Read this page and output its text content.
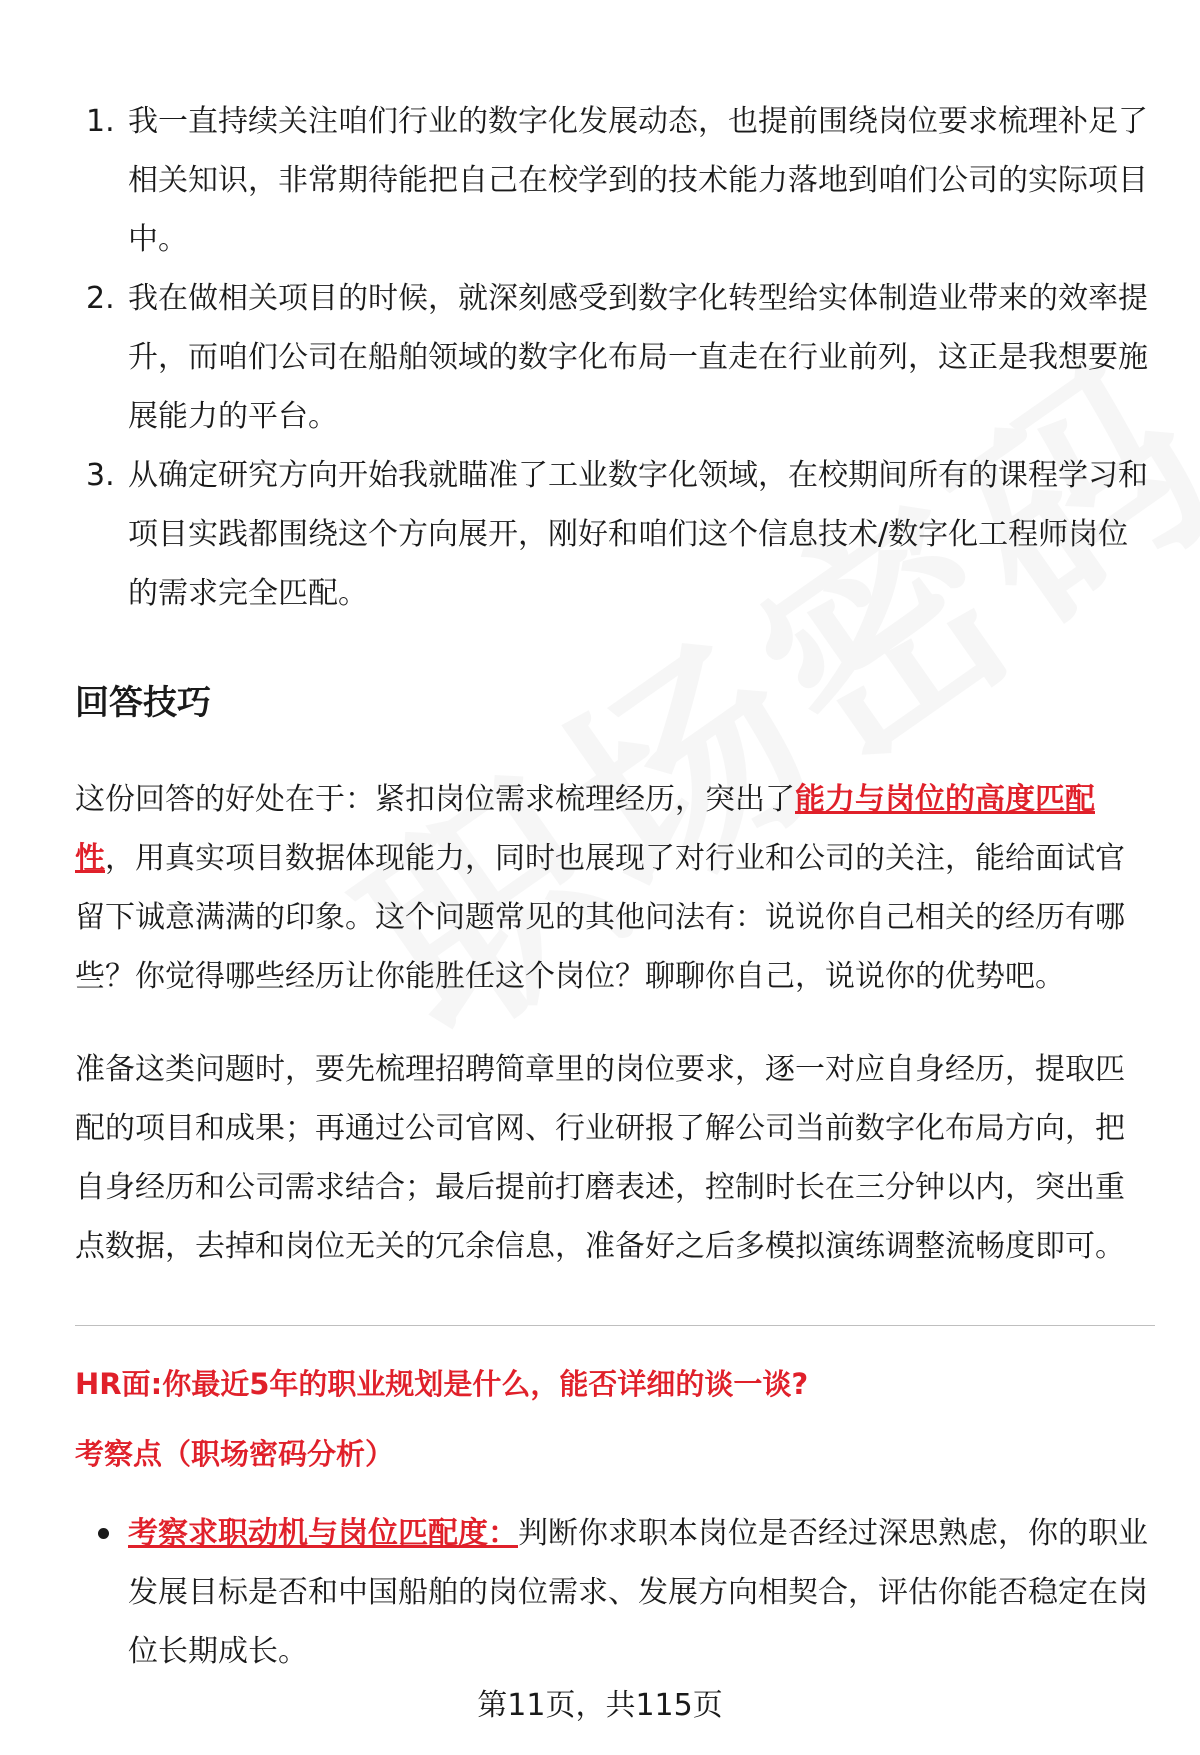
1. 我一直持续关注咱们行业的数字化发展动态，也提前围绕岗位要求梳理补足了相关知识，非常期待能把自己在校学到的技术能力落地到咱们公司的实际项目中。
2. 我在做相关项目的时候，就深刻感受到数字化转型给实体制造业带来的效率提升，而咱们公司在船舶领域的数字化布局一直走在行业前列，这正是我想要施展能力的平台。
3. 从确定研究方向开始我就瞄准了工业数字化领域，在校期间所有的课程学习和项目实践都围绕这个方向展开，刚好和咱们这个信息技术/数字化工程师岗位的需求完全匹配。
回答技巧

这份回答的好处在于：紧扣岗位需求梳理经历，突出了能力与岗位的高度匹配性，用真实项目数据体现能力，同时也展现了对行业和公司的关注，能给面试官留下诚意满满的印象。这个问题常见的其他问法有：说说你自己相关的经历有哪些？你觉得哪些经历让你能胜任这个岗位？聊聊你自己，说说你的优势吧。

准备这类问题时，要先梳理招聘简章里的岗位要求，逐一对应自身经历，提取匹配的项目和成果；再通过公司官网、行业研报了解公司当前数字化布局方向，把自身经历和公司需求结合；最后提前打磨表述，控制时长在三分钟以内，突出重点数据，去掉和岗位无关的冗余信息，准备好之后多模拟演练调整流畅度即可。

HR面:你最近5年的职业规划是什么，能否详细的谈一谈?

考察点（职场密码分析）

考察求职动机与岗位匹配度：判断你求职本岗位是否经过深思熟虑，你的职业发展目标是否和中国船舶的岗位需求、发展方向相契合，评估你能否稳定在岗位长期成长。
第11页，共115页
